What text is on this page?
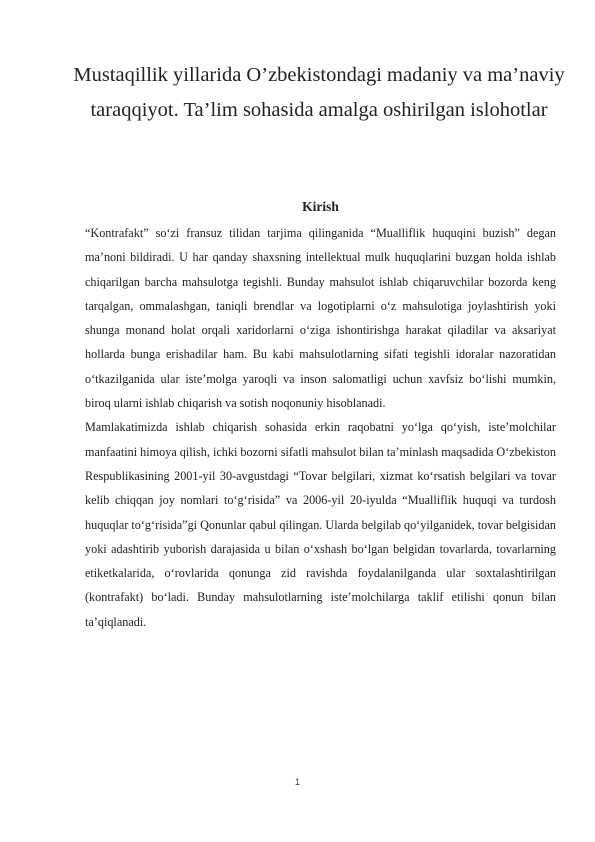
Mustaqillik yillarida O’zbekistondagi madaniy va ma’naviy taraqqiyot. Ta’lim sohasida amalga oshirilgan islohotlar
Kirish

“Kontrafakt” so‘zi fransuz tilidan tarjima qilinganida “Mualliflik huquqini buzish” degan ma’noni bildiradi. U har qanday shaxsning intellektual mulk huquqlarini buzgan holda ishlab chiqarilgan barcha mahsulotga tegishli. Bunday mahsulot ishlab chiqaruvchilar bozorda keng tarqalgan, ommalashgan, taniqli brendlar va logotiplarni o‘z mahsulotiga joylashtirish yoki shunga monand holat orqali xaridorlarni o‘ziga ishontirishga harakat qiladilar va aksariyat hollarda bunga erishadilar ham. Bu kabi mahsulotlarning sifati tegishli idoralar nazoratidan o‘tkazilganida ular iste’molga yaroqli va inson salomatligi uchun xavfsiz bo‘lishi mumkin, biroq ularni ishlab chiqarish va sotish noqonuniy hisoblanadi.

Mamlakatimizda ishlab chiqarish sohasida erkin raqobatni yo‘lga qo‘yish, iste’molchilar manfaatini himoya qilish, ichki bozorni sifatli mahsulot bilan ta’minlash maqsadida O‘zbekiston Respublikasining 2001-yil 30-avgustdagi “Tovar belgilari, xizmat ko‘rsatish belgilari va tovar kelib chiqqan joy nomlari to‘g‘risida” va 2006-yil 20-iyulda “Mualliflik huquqi va turdosh huquqlar to‘g‘risida”gi Qonunlar qabul qilingan. Ularda belgilab qo‘yilganidek, tovar belgisidan yoki adashtirib yuborish darajasida u bilan o‘xshash bo‘lgan belgidan tovarlarda, tovarlarning etiketkalarida, o‘rovlarida qonunga zid ravishda foydalanilganda ular soxtalashtirilgan (kontrafakt) bo‘ladi. Bunday mahsulotlarning iste’molchilarga taklif etilishi qonun bilan ta’qiqlanadi.

1
